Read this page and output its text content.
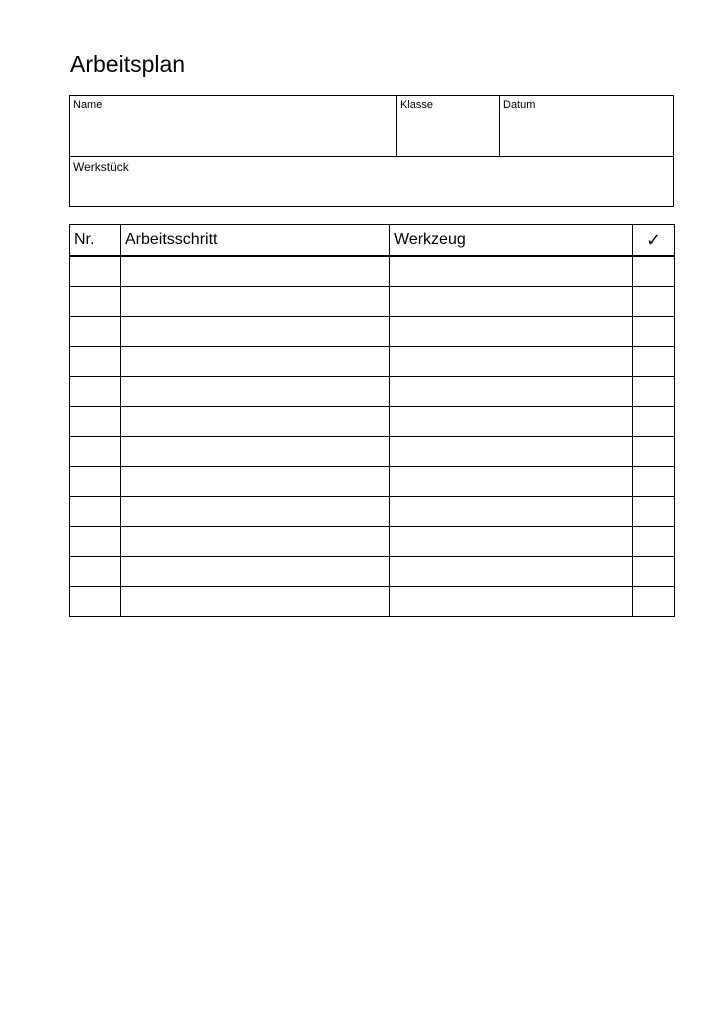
Arbeitsplan
Name	Klasse	Datum
Werkstück
Nr.	Arbeitsschritt	Werkzeug	✓
